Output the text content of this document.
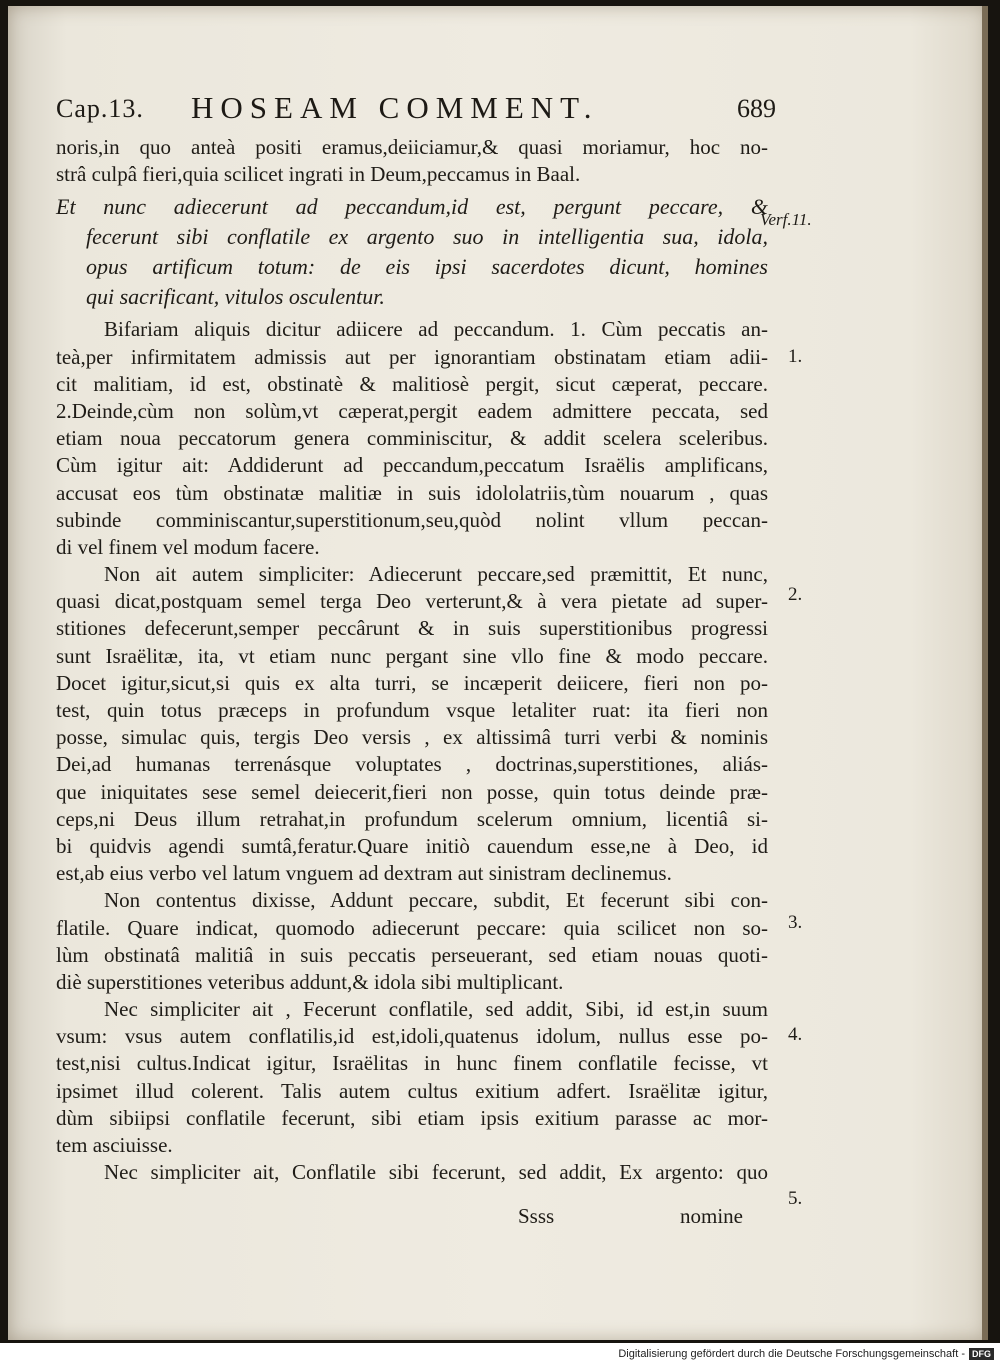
Cap.13. HOSEAM COMMENT.	689
noris,in quo anteà positi eramus,deiiciamur,& quasi moriamur, hoc no-
strâ culpâ fieri,quia scilicet ingrati in Deum,peccamus in Baal.
Et nunc adiecerunt ad peccandum,id est, pergunt peccare, &
fecerunt sibi conflatile ex argento suo in intelligentia sua, idola,
opus artificum totum: de eis ipsi sacerdotes dicunt, homines
qui sacrificant, vitulos osculentur.
Bifariam aliquis dicitur adiicere ad peccandum. 1. Cùm peccatis an-
teà,per infirmitatem admissis aut per ignorantiam obstinatam etiam adii-
cit malitiam, id est, obstinatè & malitiosè pergit, sicut cæperat, peccare.
2.Deinde,cùm non solùm,vt cæperat,pergit eadem admittere peccata, sed
etiam noua peccatorum genera comminiscitur, & addit scelera sceleribus.
Cùm igitur ait: Addiderunt ad peccandum,peccatum Israëlis amplificans,
accusat eos tùm obstinatæ malitiæ in suis idololatriis,tùm nouarum , quas
subinde comminiscantur,superstitionum,seu,quòd nolint vllum peccan-
di vel finem vel modum facere.
Non ait autem simpliciter: Adiecerunt peccare,sed præmittit, Et nunc,
quasi dicat,postquam semel terga Deo verterunt,& à vera pietate ad super-
stitiones defecerunt,semper peccârunt & in suis superstitionibus progressi
sunt Israëlitæ, ita, vt etiam nunc pergant sine vllo fine & modo peccare.
Docet igitur,sicut,si quis ex alta turri, se incæperit deiicere, fieri non po-
test, quin totus præceps in profundum vsque letaliter ruat: ita fieri non
posse, simulac quis, tergis Deo versis , ex altissimâ turri verbi & nominis
Dei,ad humanas terrenásque voluptates , doctrinas,superstitiones, aliás-
que iniquitates sese semel deiecerit,fieri non posse, quin totus deinde præ-
ceps,ni Deus illum retrahat,in profundum scelerum omnium, licentiâ si-
bi quidvis agendi sumtâ,feratur.Quare initiò cauendum esse,ne à Deo, id
est,ab eius verbo vel latum vnguem ad dextram aut sinistram declinemus.
Non contentus dixisse, Addunt peccare, subdit, Et fecerunt sibi con-
flatile. Quare indicat, quomodo adiecerunt peccare: quia scilicet non so-
lùm obstinatâ malitiâ in suis peccatis perseuerant, sed etiam nouas quoti-
diè superstitiones veteribus addunt,& idola sibi multiplicant.
Nec simpliciter ait , Fecerunt conflatile, sed addit, Sibi, id est,in suum
vsum: vsus autem conflatilis,id est,idoli,quatenus idolum, nullus esse po-
test,nisi cultus.Indicat igitur, Israëlitas in hunc finem conflatile fecisse, vt
ipsimet illud colerent. Talis autem cultus exitium adfert. Israëlitæ igitur,
dùm sibiipsi conflatile fecerunt, sibi etiam ipsis exitium parasse ac mor-
tem asciuisse.
Nec simpliciter ait, Conflatile sibi fecerunt, sed addit, Ex argento: quo
Verf.11.
1.
2.
3.
4.
5.
Ssss	nomine
Digitalisierung gefördert durch die Deutsche Forschungsgemeinschaft - DFG
